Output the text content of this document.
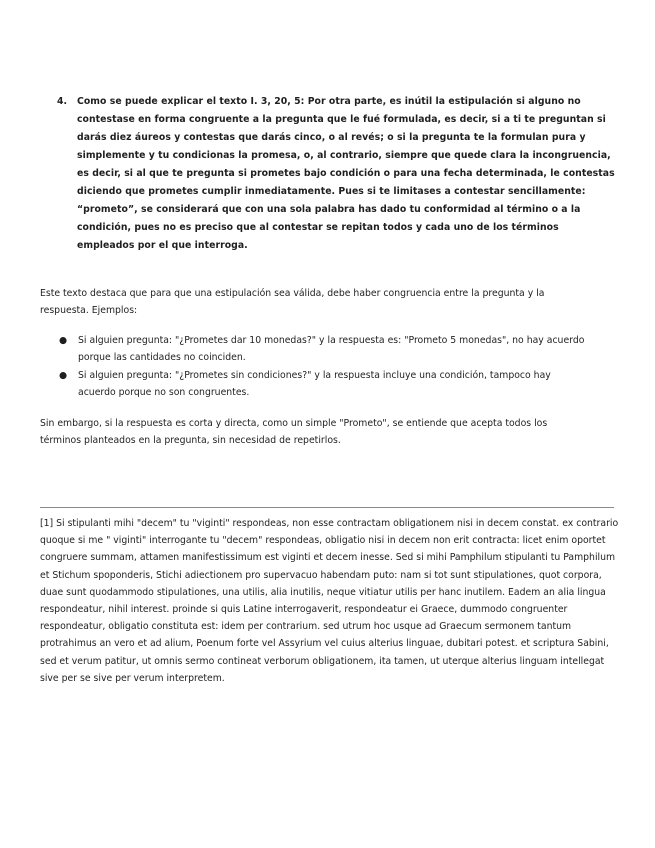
4.	Como se puede explicar el texto I. 3, 20, 5: Por otra parte, es inútil la estipulación si alguno no contestase en forma congruente a la pregunta que le fué formulada, es decir, si a ti te preguntan si darás diez áureos y contestas que darás cinco, o al revés; o si la pregunta te la formulan pura y simplemente y tu condicionas la promesa, o, al contrario, siempre que quede clara la incongruencia, es decir, si al que te pregunta si prometes bajo condición o para una fecha determinada, le contestas diciendo que prometes cumplir inmediatamente. Pues si te limitases a contestar sencillamente: “prometo”, se considerará que con una sola palabra has dado tu conformidad al término o a la condición, pues no es preciso que al contestar se repitan todos y cada uno de los términos empleados por el que interroga.
Este texto destaca que para que una estipulación sea válida, debe haber congruencia entre la pregunta y la respuesta. Ejemplos:
● Si alguien pregunta: "¿Prometes dar 10 monedas?" y la respuesta es: "Prometo 5 monedas", no hay acuerdo porque las cantidades no coinciden.
● Si alguien pregunta: "¿Prometes sin condiciones?" y la respuesta incluye una condición, tampoco hay acuerdo porque no son congruentes.
Sin embargo, si la respuesta es corta y directa, como un simple "Prometo", se entiende que acepta todos los términos planteados en la pregunta, sin necesidad de repetirlos.
[1] Si stipulanti mihi "decem" tu "viginti" respondeas, non esse contractam obligationem nisi in decem constat. ex contrario quoque si me " viginti" interrogante tu "decem" respondeas, obligatio nisi in decem non erit contracta: licet enim oportet congruere summam, attamen manifestissimum est viginti et decem inesse. Sed si mihi Pamphilum stipulanti tu Pamphilum et Stichum spoponderis, Stichi adiectionem pro supervacuo habendam puto: nam si tot sunt stipulationes, quot corpora, duae sunt quodammodo stipulationes, una utilis, alia inutilis, neque vitiatur utilis per hanc inutilem. Eadem an alia lingua respondeatur, nihil interest. proinde si quis Latine interrogaverit, respondeatur ei Graece, dummodo congruenter respondeatur, obligatio constituta est: idem per contrarium. sed utrum hoc usque ad Graecum sermonem tantum protrahimus an vero et ad alium, Poenum forte vel Assyrium vel cuius alterius linguae, dubitari potest. et scriptura Sabini, sed et verum patitur, ut omnis sermo contineat verborum obligationem, ita tamen, ut uterque alterius linguam intellegat sive per se sive per verum interpretem.
